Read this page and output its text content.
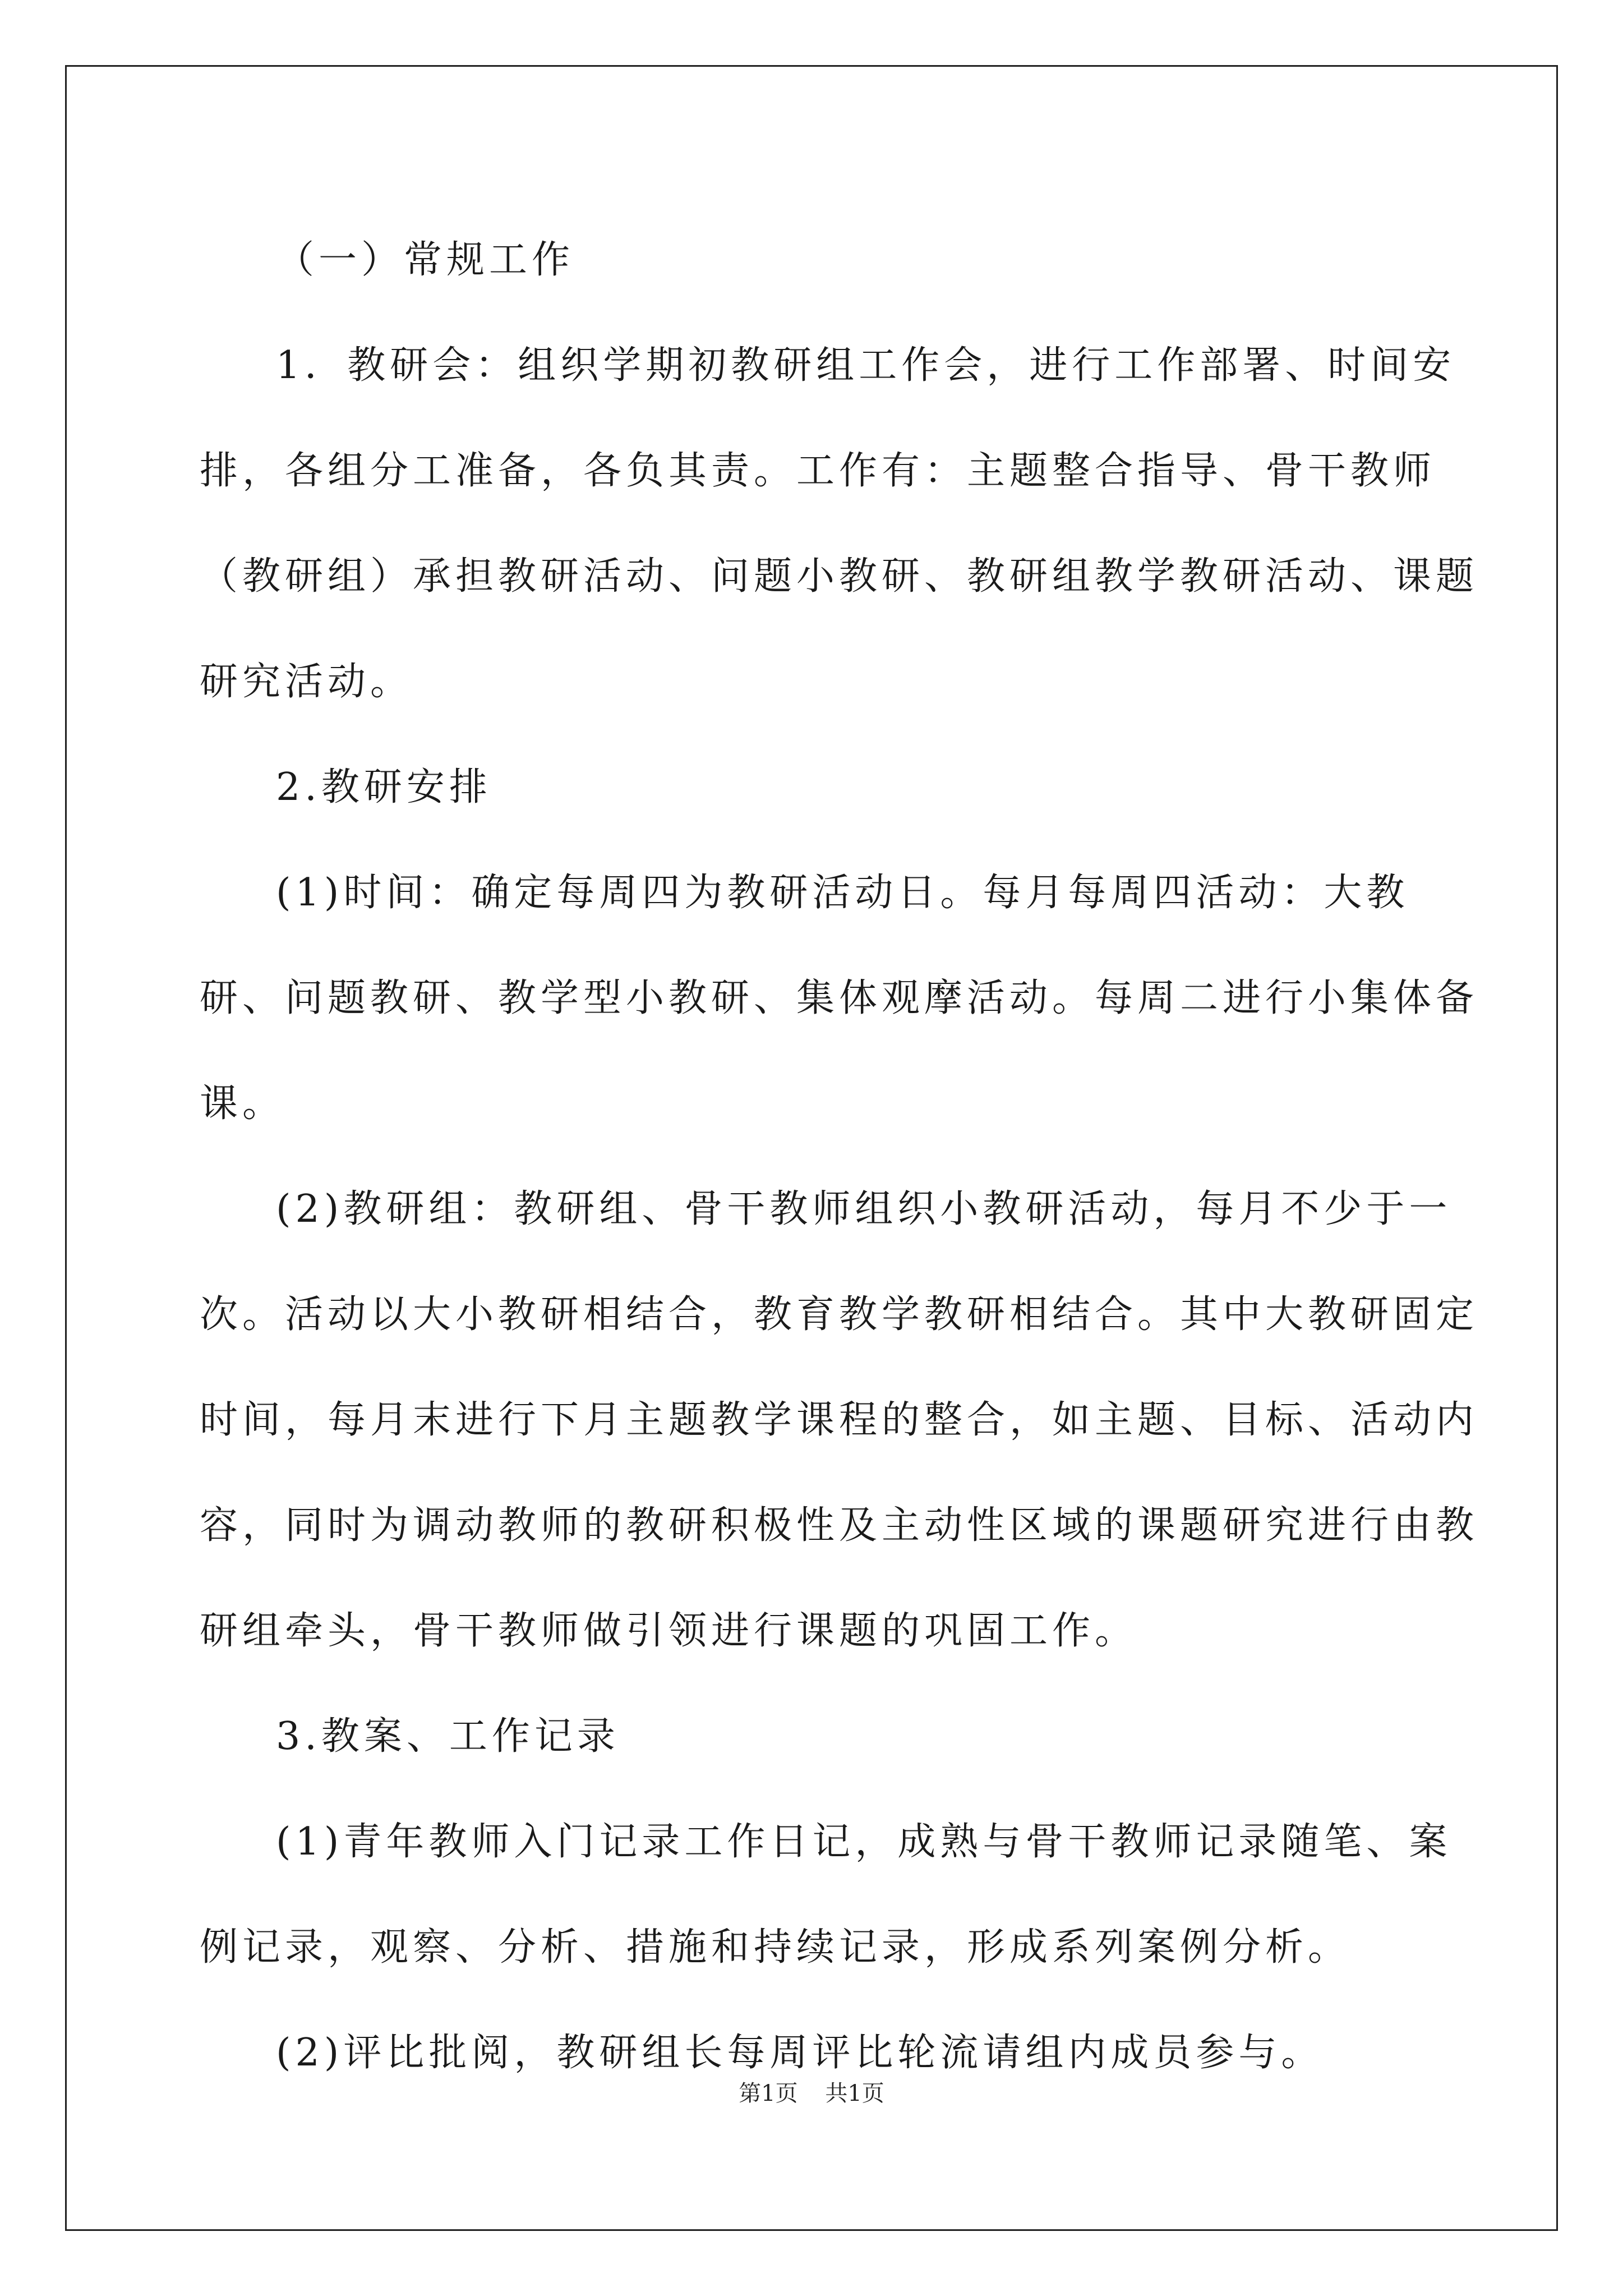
（一）常规工作

1．教研会：组织学期初教研组工作会，进行工作部署、时间安排，各组分工准备，各负其责。工作有：主题整合指导、骨干教师（教研组）承担教研活动、问题小教研、教研组教学教研活动、课题研究活动。

2.教研安排

(1)时间：确定每周四为教研活动日。每月每周四活动：大教研、问题教研、教学型小教研、集体观摩活动。每周二进行小集体备课。

(2)教研组：教研组、骨干教师组织小教研活动，每月不少于一次。活动以大小教研相结合，教育教学教研相结合。其中大教研固定时间，每月末进行下月主题教学课程的整合，如主题、目标、活动内容，同时为调动教师的教研积极性及主动性区域的课题研究进行由教研组牵头，骨干教师做引领进行课题的巩固工作。

3.教案、工作记录

(1)青年教师入门记录工作日记，成熟与骨干教师记录随笔、案例记录，观察、分析、措施和持续记录，形成系列案例分析。

(2)评比批阅，教研组长每周评比轮流请组内成员参与。

第1页 共1页
